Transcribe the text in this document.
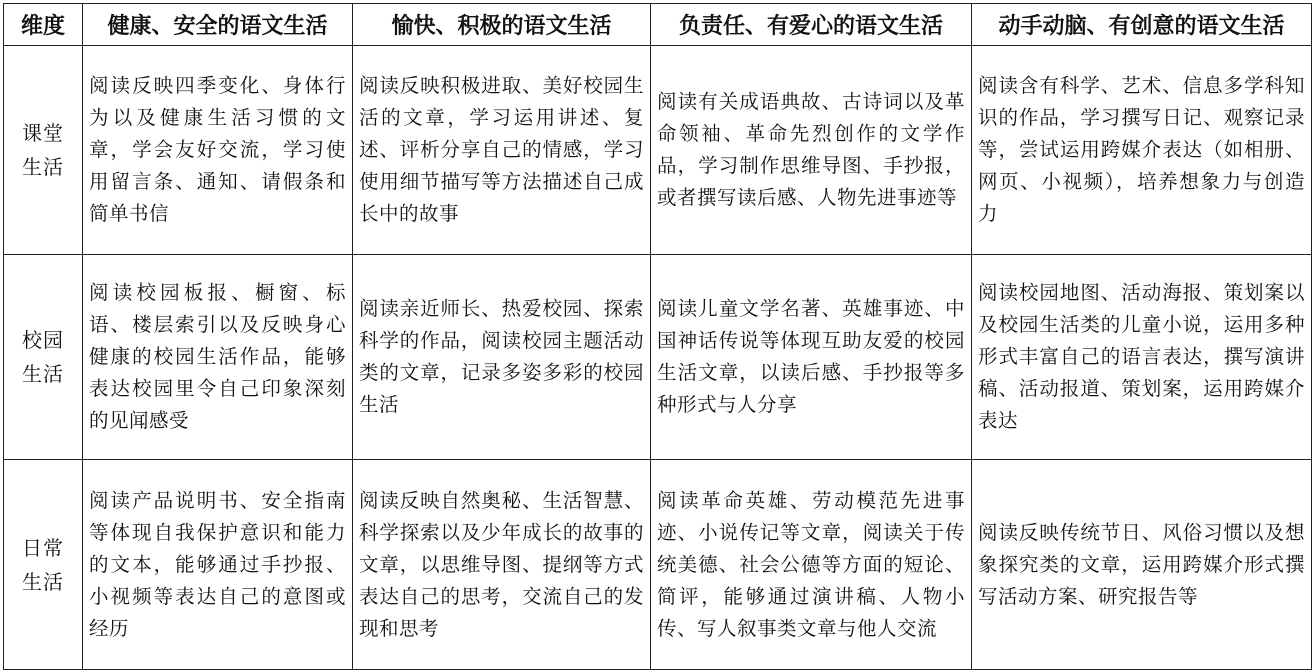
维度	健康、安全的语文生活	愉快、积极的语文生活	负责任、有爱心的语文生活	动手动脑、有创意的语文生活
课堂
生活	阅读反映四季变化、身体行为以及健康生活习惯的文章，学会友好交流，学习使用留言条、通知、请假条和简单书信	阅读反映积极进取、美好校园生活的文章，学习运用讲述、复述、评析分享自己的情感，学习使用细节描写等方法描述自己成长中的故事	阅读有关成语典故、古诗词以及革命领袖、革命先烈创作的文学作品，学习制作思维导图、手抄报，或者撰写读后感、人物先进事迹等	阅读含有科学、艺术、信息多学科知识的作品，学习撰写日记、观察记录等，尝试运用跨媒介表达（如相册、网页、小视频），培养想象力与创造力
校园
生活	阅读校园板报、橱窗、标语、楼层索引以及反映身心健康的校园生活作品，能够表达校园里令自己印象深刻的见闻感受	阅读亲近师长、热爱校园、探索科学的作品，阅读校园主题活动类的文章，记录多姿多彩的校园生活	阅读儿童文学名著、英雄事迹、中国神话传说等体现互助友爱的校园生活文章，以读后感、手抄报等多种形式与人分享	阅读校园地图、活动海报、策划案以及校园生活类的儿童小说，运用多种形式丰富自己的语言表达，撰写演讲稿、活动报道、策划案，运用跨媒介表达
日常
生活	阅读产品说明书、安全指南等体现自我保护意识和能力的文本，能够通过手抄报、小视频等表达自己的意图或经历	阅读反映自然奥秘、生活智慧、科学探索以及少年成长的故事的文章，以思维导图、提纲等方式表达自己的思考，交流自己的发现和思考	阅读革命英雄、劳动模范先进事迹、小说传记等文章，阅读关于传统美德、社会公德等方面的短论、简评，能够通过演讲稿、人物小传、写人叙事类文章与他人交流	阅读反映传统节日、风俗习惯以及想象探究类的文章，运用跨媒介形式撰写活动方案、研究报告等
